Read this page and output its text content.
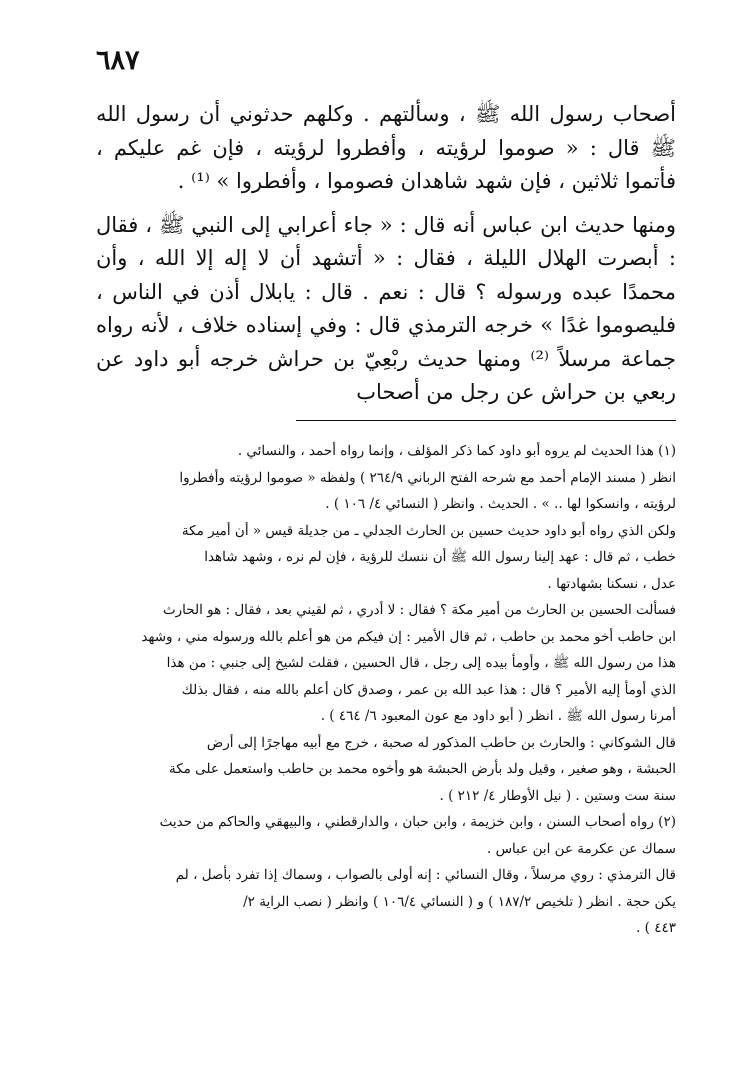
٦٨٧

أصحاب رسول الله ﷺ ، وسألتهم . وكلهم حدثوني أن رسول الله ﷺ قال : « صوموا لرؤيته ، وأفطروا لرؤيته ، فإن غم عليكم ، فأتموا ثلاثين ، فإن شهد شاهدان فصوموا ، وأفطروا » ⁽¹⁾ .

ومنها حديث ابن عباس أنه قال : « جاء أعرابي إلى النبي ﷺ ، فقال : أبصرت الهلال الليلة ، فقال : « أتشهد أن لا إله إلا الله ، وأن محمدًا عبده ورسوله ؟ قال : نعم . قال : يابلال أذن في الناس ، فليصوموا غدًا » خرجه الترمذي قال : وفي إسناده خلاف ، لأنه رواه جماعة مرسلاً ⁽²⁾ ومنها حديث ربْعِيّ بن حراش خرجه أبو داود عن ربعي بن حراش عن رجل من أصحاب

(١) هذا الحديث لم يروه أبو داود كما ذكر المؤلف ، وإنما رواه أحمد ، والنسائي .
انظر ( مسند الإمام أحمد مع شرحه الفتح الرباني ٢٦٤/٩ ) ولفظه « صوموا لرؤيته وأفطروا
لرؤيته ، وانسكوا لها .. » . الحديث . وانظر ( النسائي ٤/ ١٠٦ ) .
ولكن الذي رواه أبو داود حديث حسين بن الحارث الجدلي ـ من جديلة قيس « أن أمير مكة
خطب ، ثم قال : عهد إلينا رسول الله ﷺ أن ننسك للرؤية ، فإن لم نره ، وشهد شاهدا
عدل ، نسكنا بشهادتها .
فسألت الحسين بن الحارث من أمير مكة ؟ فقال : لا أدري ، ثم لقيني بعد ، فقال : هو الحارث
ابن حاطب أخو محمد بن حاطب ، ثم قال الأمير : إن فيكم من هو أعلم بالله ورسوله مني ، وشهد
هذا من رسول الله ﷺ ، وأومأ بيده إلى رجل ، قال الحسين ، فقلت لشيخ إلى جنبي : من هذا
الذي أومأ إليه الأمير ؟ قال : هذا عبد الله بن عمر ، وصدق كان أعلم بالله منه ، فقال بذلك
أمرنا رسول الله ﷺ . انظر ( أبو داود مع عون المعبود ٦/ ٤٦٤ ) .
قال الشوكاني : والحارث بن حاطب المذكور له صحبة ، خرج مع أبيه مهاجرًا إلى أرض
الحبشة ، وهو صغير ، وقيل ولد بأرض الحبشة هو وأخوه محمد بن حاطب واستعمل على مكة
سنة ست وستين . ( نيل الأوطار ٤/ ٢١٢ ) .
(٢) رواه أصحاب السنن ، وابن خزيمة ، وابن حبان ، والدارقطني ، والبيهقي والحاكم من حديث
سماك عن عكرمة عن ابن عباس .
قال الترمذي : روي مرسلاً ، وقال النسائي : إنه أولى بالصواب ، وسماك إذا تفرد بأصل ، لم
يكن حجة . انظر ( تلخيص ١٨٧/٢ ) و ( النسائي ١٠٦/٤ ) وانظر ( نصب الراية ٢/
٤٤٣ ) .
